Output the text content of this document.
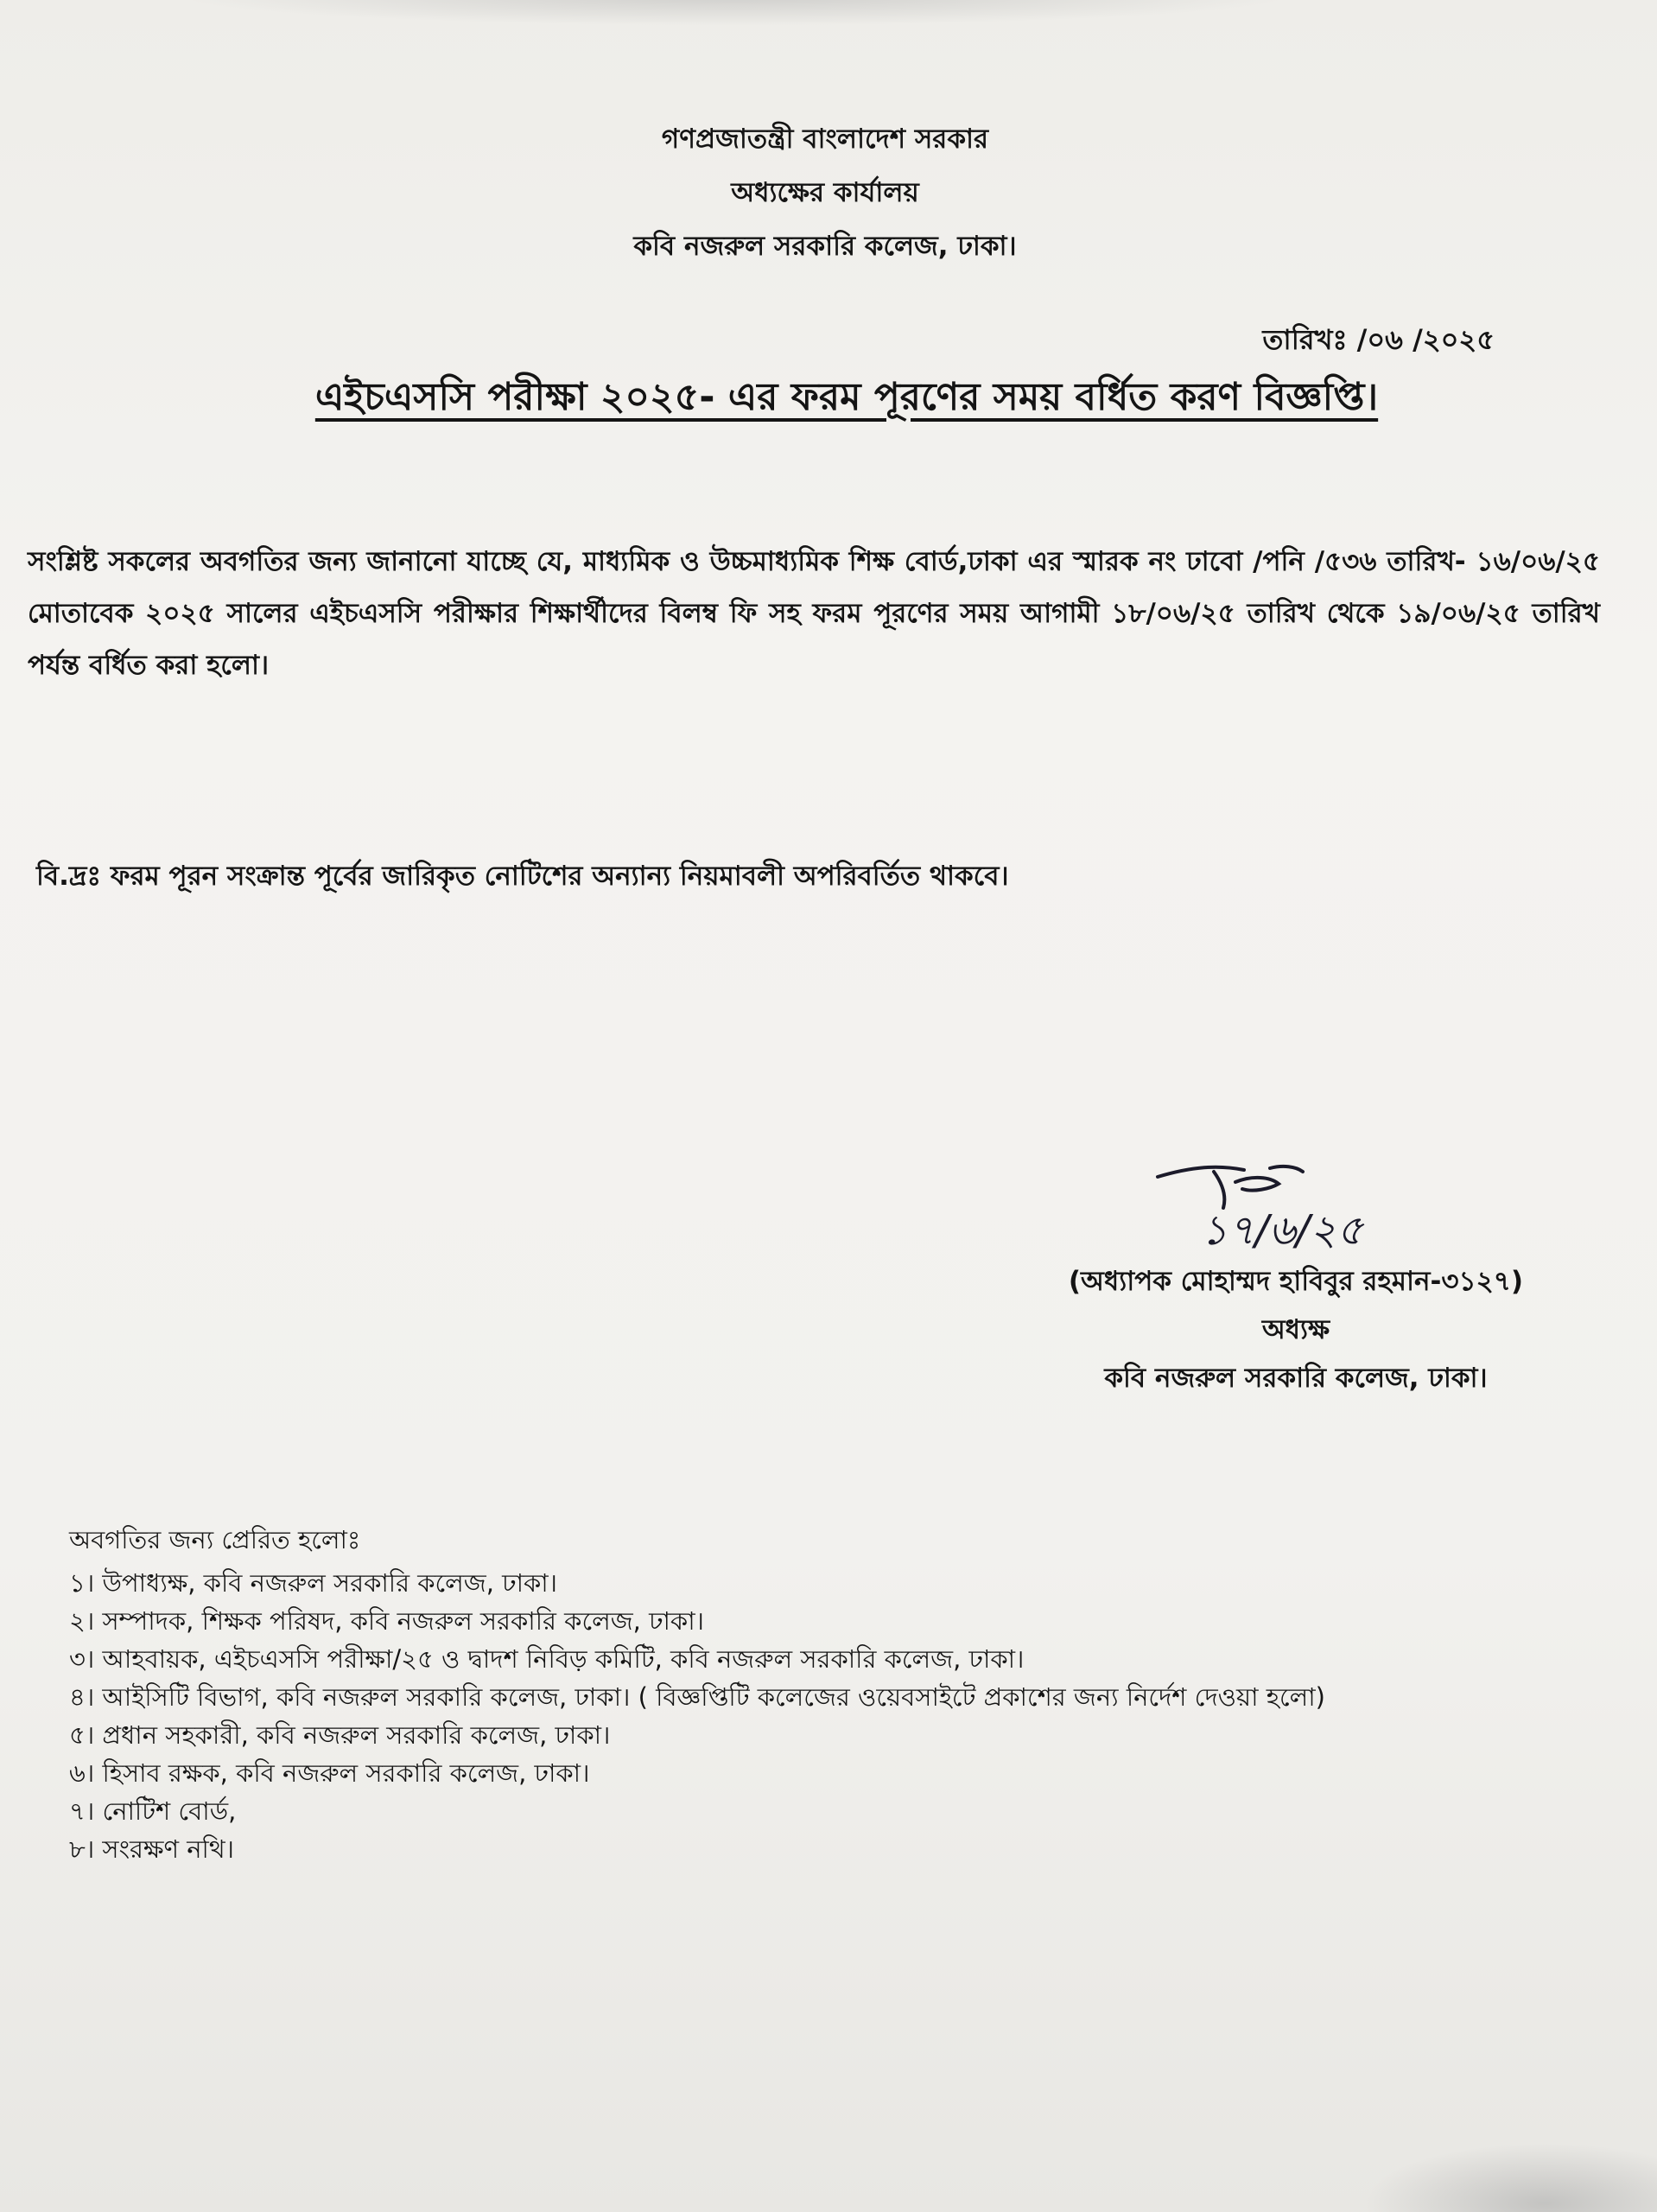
গণপ্রজাতন্ত্রী বাংলাদেশ সরকার
অধ্যক্ষের কার্যালয়
কবি নজরুল সরকারি কলেজ, ঢাকা।
তারিখঃ /০৬ /২০২৫
এইচএসসি পরীক্ষা ২০২৫- এর ফরম পূরণের সময় বর্ধিত করণ বিজ্ঞপ্তি।
সংশ্লিষ্ট সকলের অবগতির জন্য জানানো যাচ্ছে যে, মাধ্যমিক ও উচ্চমাধ্যমিক শিক্ষ বোর্ড,ঢাকা এর স্মারক নং ঢাবো /পনি /৫৩৬ তারিখ- ১৬/০৬/২৫ মোতাবেক ২০২৫ সালের এইচএসসি পরীক্ষার শিক্ষার্থীদের বিলম্ব ফি সহ ফরম পূরণের সময় আগামী ১৮/০৬/২৫ তারিখ থেকে ১৯/০৬/২৫ তারিখ পর্যন্ত বর্ধিত করা হলো।
বি.দ্রঃ ফরম পূরন সংক্রান্ত পূর্বের জারিকৃত নোটিশের অন্যান্য নিয়মাবলী অপরিবর্তিত থাকবে।
১৭/৬/২৫
(অধ্যাপক মোহাম্মদ হাবিবুর রহমান-৩১২৭)
অধ্যক্ষ
কবি নজরুল সরকারি কলেজ, ঢাকা।
অবগতির জন্য প্রেরিত হলোঃ
১। উপাধ্যক্ষ, কবি নজরুল সরকারি কলেজ, ঢাকা।
২। সম্পাদক, শিক্ষক পরিষদ, কবি নজরুল সরকারি কলেজ, ঢাকা।
৩। আহবায়ক, এইচএসসি পরীক্ষা/২৫ ও দ্বাদশ নিবিড় কমিটি, কবি নজরুল সরকারি কলেজ, ঢাকা।
৪। আইসিটি বিভাগ, কবি নজরুল সরকারি কলেজ, ঢাকা। ( বিজ্ঞপ্তিটি কলেজের ওয়েবসাইটে প্রকাশের জন্য নির্দেশ দেওয়া হলো)
৫। প্রধান সহকারী, কবি নজরুল সরকারি কলেজ, ঢাকা।
৬। হিসাব রক্ষক, কবি নজরুল সরকারি কলেজ, ঢাকা।
৭। নোটিশ বোর্ড,
৮। সংরক্ষণ নথি।
